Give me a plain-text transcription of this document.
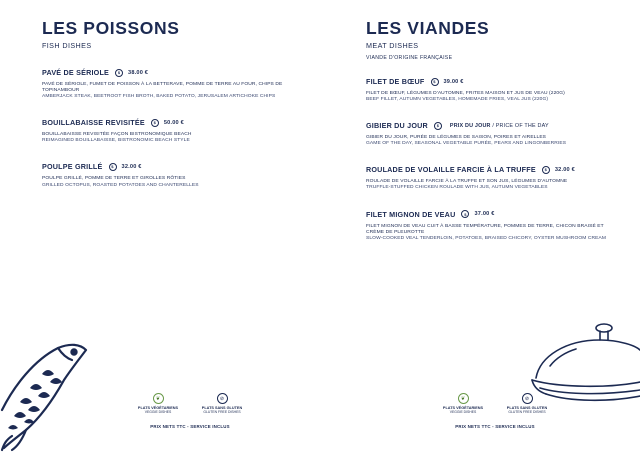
LES POISSONS
FISH DISHES
PAVÉ DE SÉRIOLE	$	38.00 €
PAVÉ DE SÉRIOLE, FUMET DE POISSON À LA BETTERAVE, POMME DE TERRE AU FOUR, CHIPS DE TOPINAMBOUR
AMBERJACK STEAK, BEETROOT FISH BROTH, BAKED POTATO, JERUSALEM ARTICHOKE CHIPS
BOUILLABAISSE REVISITÉE	$	50.00 €
BOUILLABAISSE REVISITÉE FAÇON BISTRONOMIQUE BEACH
REIMAGINED BOUILLABAISSE, BISTRONOMIC BEACH STYLE
POULPE GRILLÉ	$	32.00 €
POULPE GRILLÉ, POMME DE TERRE ET GIROLLES RÔTIES
GRILLED OCTOPUS, ROASTED POTATOES AND CHANTERELLES
❦
PLATS VÉGÉTARIENS
VEGGIE DISHES
⊘
PLATS SANS GLUTEN
GLUTEN FREE DISHES
PRIX NETS TTC - SERVICE INCLUS
LES VIANDES
MEAT DISHES
VIANDE D'ORIGINE FRANÇAISE
FILET DE BŒUF	$	39.00 €
FILET DE BŒUF, LÉGUMES D'AUTOMNE, FRITES MAISON ET JUS DE VEAU (220G)
BEEF FILLET, AUTUMN VEGETABLES, HOMEMADE FRIES, VEAL JUS (220G)
GIBIER DU JOUR	$	PRIX DU JOUR / PRICE OF THE DAY
GIBIER DU JOUR, PURÉE DE LÉGUMES DE SAISON, POIRES ET AIRELLES
GAME OF THE DAY, SEASONAL VEGETABLE PURÉE, PEARS AND LINGONBERRIES
ROULADE DE VOLAILLE FARCIE À LA TRUFFE	$	32.00 €
ROULADE DE VOLAILLE FARCIE À LA TRUFFE ET SON JUS, LÉGUMES D'AUTOMNE
TRUFFLE-STUFFED CHICKEN ROULADE WITH JUS, AUTUMN VEGETABLES
FILET MIGNON DE VEAU	$	37.00 €
FILET MIGNON DE VEAU CUIT À BASSE TEMPÉRATURE, POMMES DE TERRE, CHICON BRAISÉ ET CRÈME DE PLEUROTTE
SLOW-COOKED VEAL TENDERLOIN, POTATOES, BRAISED CHICORY, OYSTER MUSHROOM CREAM
❦
PLATS VÉGÉTARIENS
VEGGIE DISHES
⊘
PLATS SANS GLUTEN
GLUTEN FREE DISHES
PRIX NETS TTC - SERVICE INCLUS
